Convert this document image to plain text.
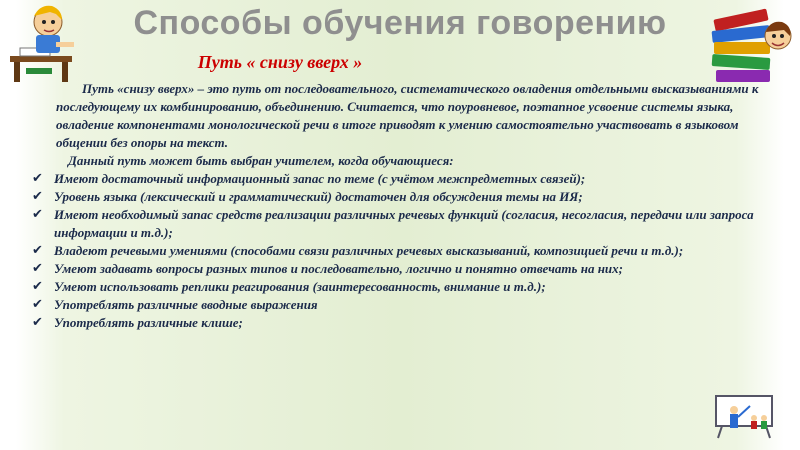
Способы обучения говорению
Путь « снизу вверх »

Путь «снизу вверх» – это путь от последовательного, систематического овладения отдельными высказываниями к последующему их комбинированию, объединению. Считается, что поуровневое, поэтапное усвоение системы языка, овладение компонентами монологической речи в итоге приводят к умению самостоятельно участвовать в языковом общении без опоры на текст.

Данный путь может быть выбран учителем, когда обучающиеся:

✔ Имеют достаточный информационный запас по теме (с учётом межпредметных связей);
✔ Уровень языка (лексический и грамматический) достаточен для обсуждения темы на ИЯ;
✔ Имеют необходимый запас средств реализации различных речевых функций (согласия, несогласия, передачи или запроса информации и т.д.);
✔ Владеют речевыми умениями (способами связи различных речевых высказываний, композицией речи и т.д.);
✔ Умеют задавать вопросы разных типов и последовательно, логично и понятно отвечать на них;
✔ Умеют использовать реплики реагирования (заинтересованность, внимание и т.д.);
✔ Употреблять различные вводные выражения
✔ Употреблять различные клише;
